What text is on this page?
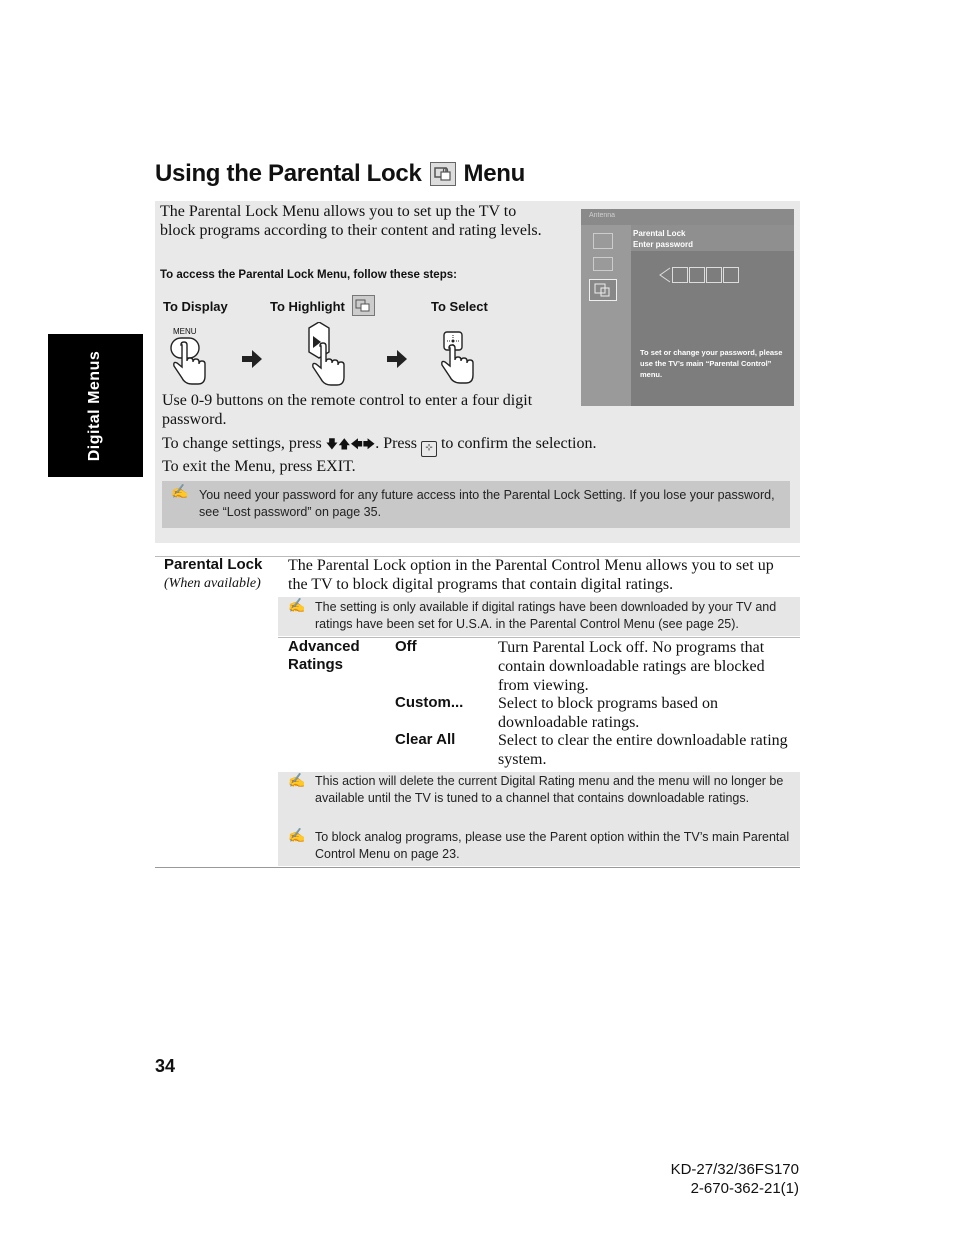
Using the Parental Lock Menu
Digital Menus
The Parental Lock Menu allows you to set up the TV to block programs according to their content and rating levels.
To access the Parental Lock Menu, follow these steps:
To Display	To Highlight	To Select
MENU
Use 0-9 buttons on the remote control to enter a four digit password.
To change settings, press 🡇🡅🡄🡆. Press ⊹ to confirm the selection.
To exit the Menu, press EXIT.
Antenna
Parental Lock
Enter password
To set or change your password, please use the TV’s main “Parental Control” menu.
✍ You need your password for any future access into the Parental Lock Setting. If you lose your password, see “Lost password” on page 35.
Parental Lock
(When available)
The Parental Lock option in the Parental Control Menu allows you to set up the TV to block digital programs that contain digital ratings.
✍ The setting is only available if digital ratings have been downloaded by your TV and ratings have been set for U.S.A. in the Parental Control Menu (see page 25).
Advanced Ratings
Off	Turn Parental Lock off. No programs that contain downloadable ratings are blocked from viewing.
Custom... Select to block programs based on downloadable ratings.
Clear All	Select to clear the entire downloadable rating system.
✍ This action will delete the current Digital Rating menu and the menu will no longer be available until the TV is tuned to a channel that contains downloadable ratings.
✍ To block analog programs, please use the Parent option within the TV’s main Parental Control Menu on page 23.
34
KD-27/32/36FS170
2-670-362-21(1)
